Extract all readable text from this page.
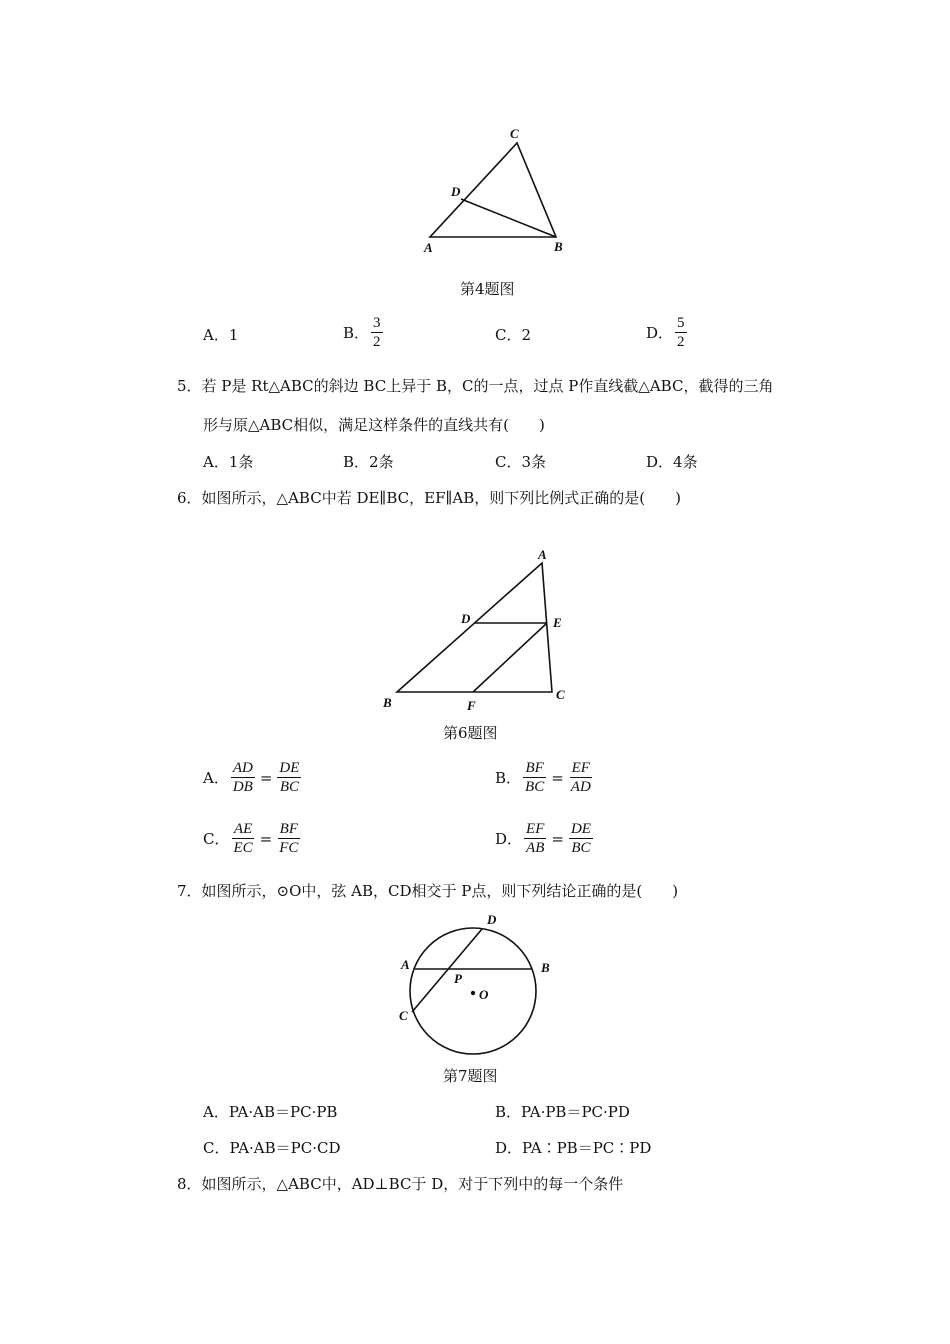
C
D
A	B
第4题图
A． 1	B． $\frac{3}{2}$	C． 2	D． $\frac{5}{2}$
5．若 P是 Rt△ABC的斜边 BC上异于 B，C的一点，过点 P作直线截△ABC，截得的三角
形与原△ABC相似，满足这样条件的直线共有(　　)
A．1条	B．2条	C．3条	D．4条
6．如图所示，△ABC中若 DE∥BC，EF∥AB，则下列比例式正确的是(　　)
A
D	E
B	F
C
第6题图
A． $\frac{AD}{DB} = \frac{DE}{BC}$	B． $\frac{BF}{BC} = \frac{EF}{AD}$
C． $\frac{AE}{EC} = \frac{BF}{FC}$	D． $\frac{EF}{AB} = \frac{DE}{BC}$
7．如图所示，⊙O中，弦 AB，CD相交于 P点，则下列结论正确的是(　　)
D
A	B
P
O
C
第7题图
A．PA·AB＝PC·PB	B．PA·PB＝PC·PD
C．PA·AB＝PC·CD	D．PA∶PB＝PC∶PD
8．如图所示，△ABC中，AD⊥BC于 D，对于下列中的每一个条件
